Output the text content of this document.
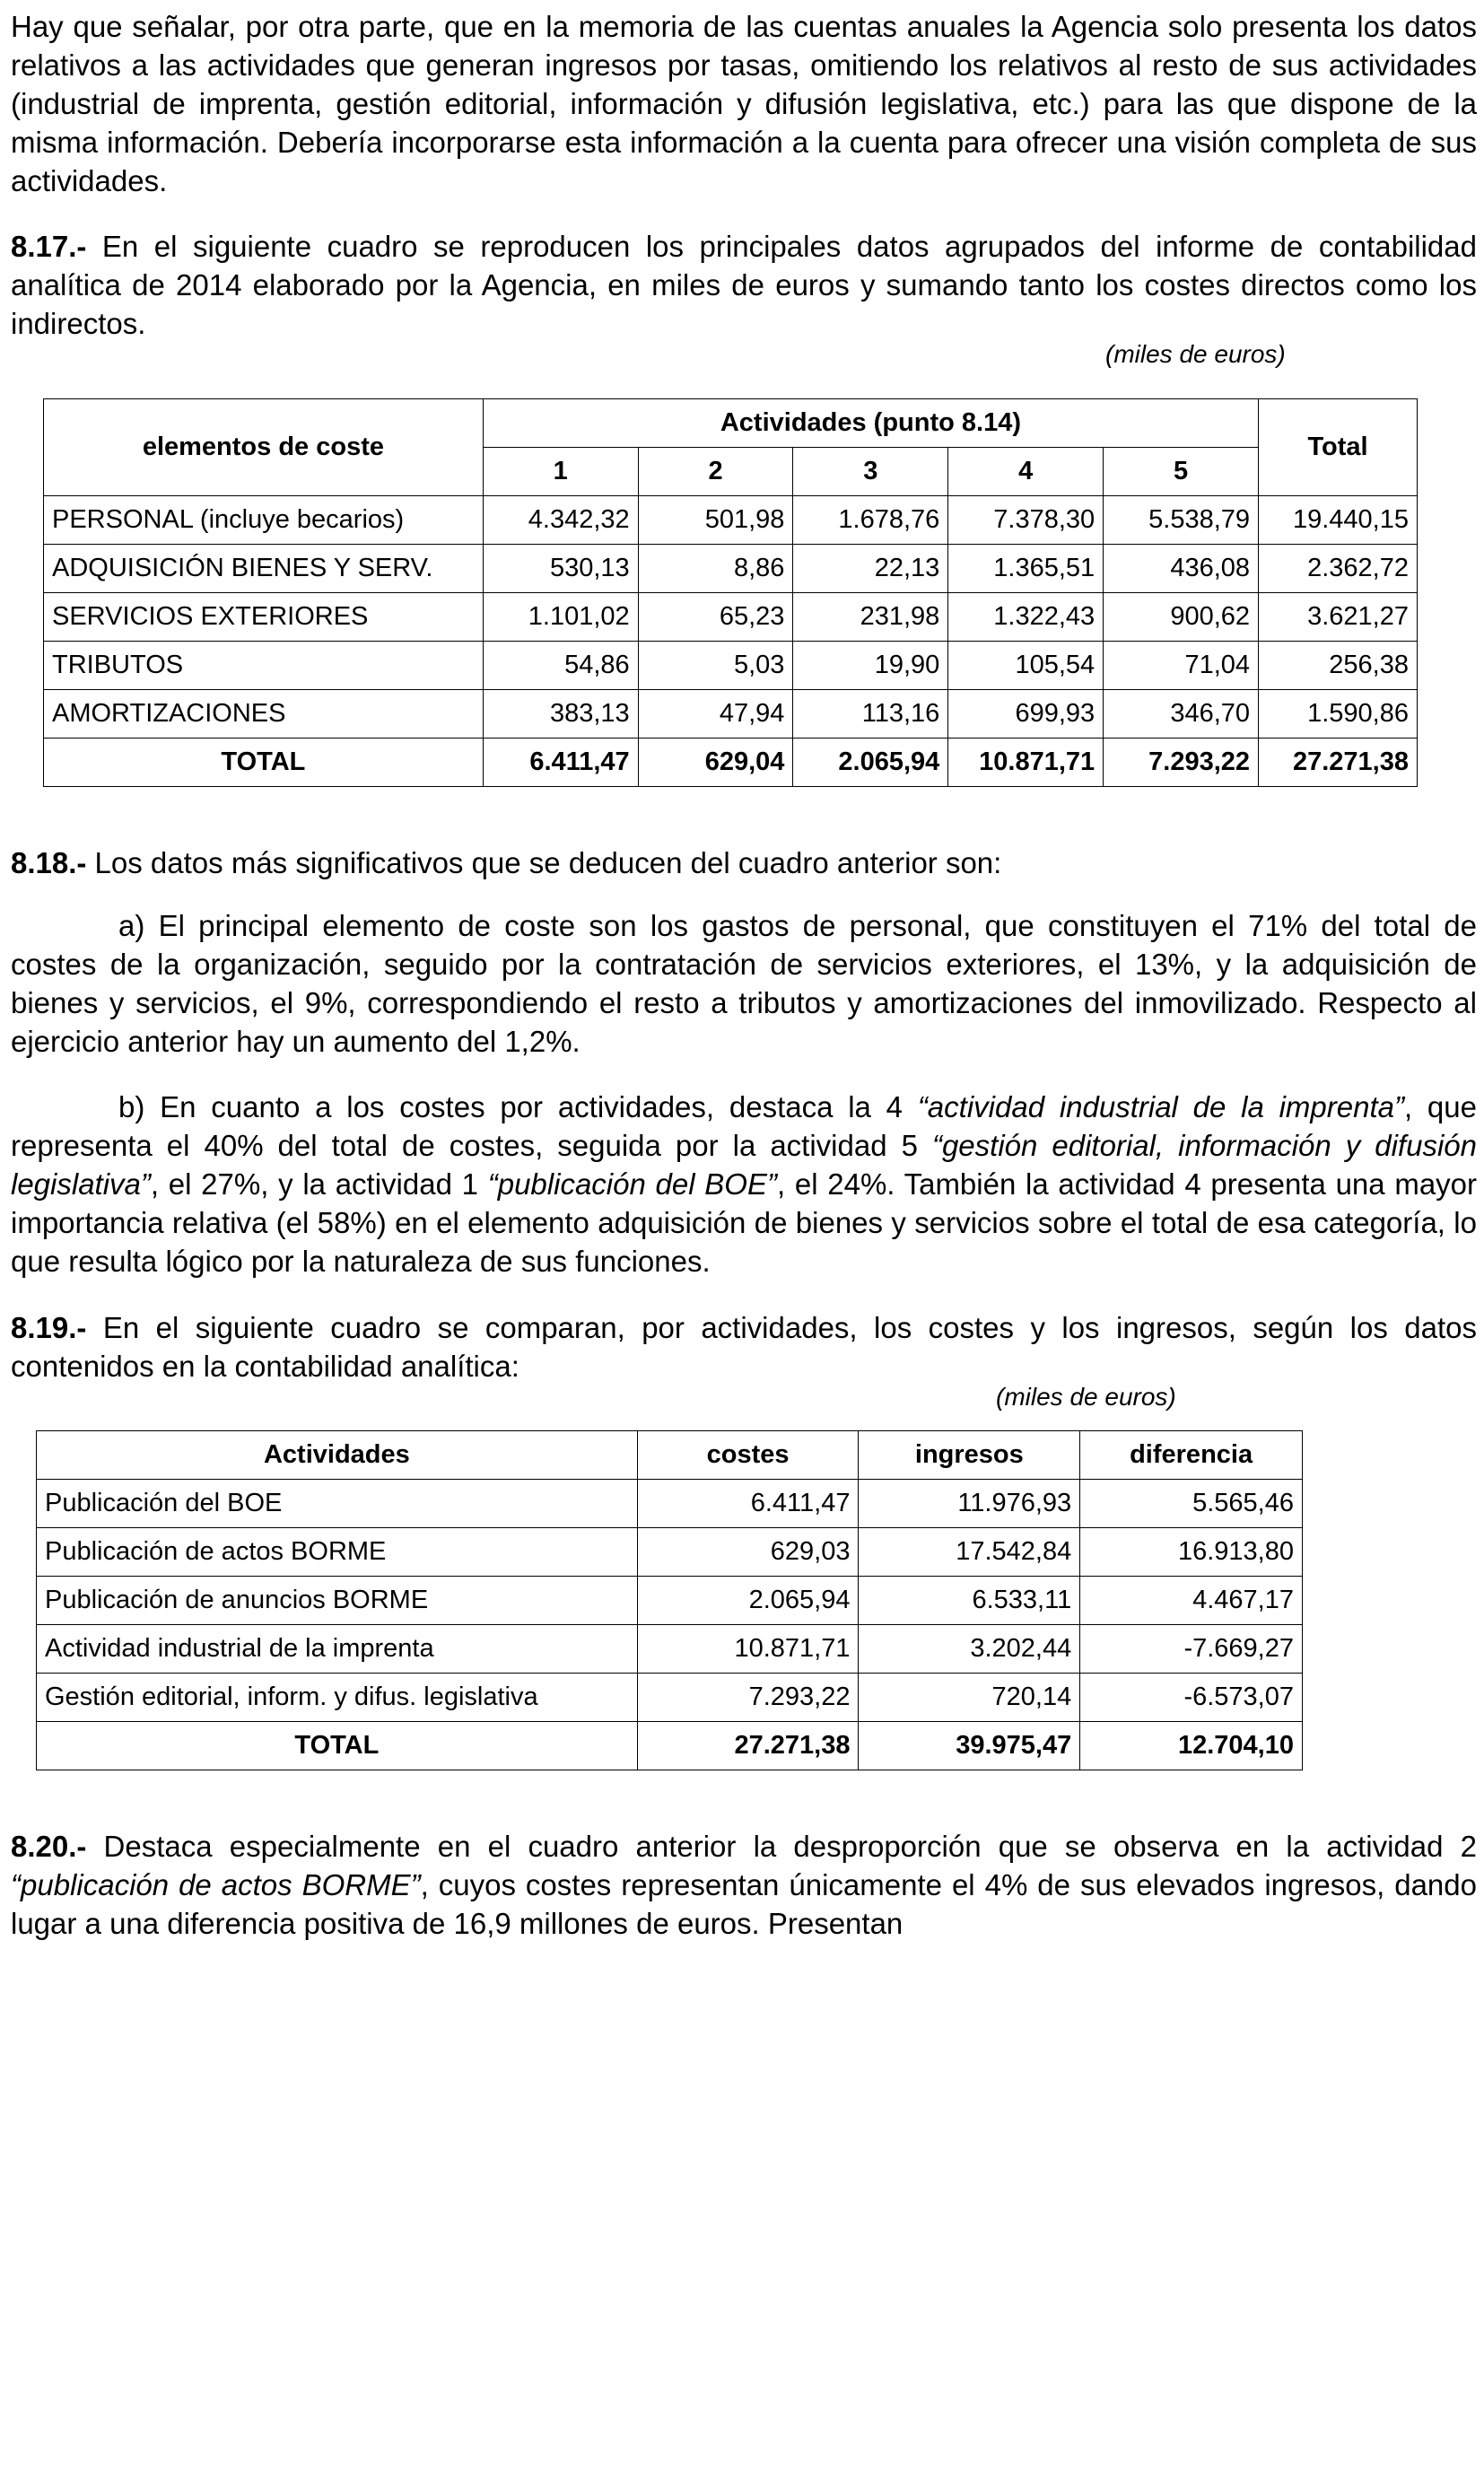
Hay que señalar, por otra parte, que en la memoria de las cuentas anuales la Agencia solo presenta los datos relativos a las actividades que generan ingresos por tasas, omitiendo los relativos al resto de sus actividades (industrial de imprenta, gestión editorial, información y difusión legislativa, etc.) para las que dispone de la misma información. Debería incorporarse esta información a la cuenta para ofrecer una visión completa de sus actividades.

8.17.- En el siguiente cuadro se reproducen los principales datos agrupados del informe de contabilidad analítica de 2014 elaborado por la Agencia, en miles de euros y sumando tanto los costes directos como los indirectos.

(miles de euros)
elementos de coste	Actividades (punto 8.14)					Total
	1	2	3	4	5	
PERSONAL (incluye becarios)	4.342,32	501,98	1.678,76	7.378,30	5.538,79	19.440,15
ADQUISICIÓN BIENES Y SERV.	530,13	8,86	22,13	1.365,51	436,08	2.362,72
SERVICIOS EXTERIORES	1.101,02	65,23	231,98	1.322,43	900,62	3.621,27
TRIBUTOS	54,86	5,03	19,90	105,54	71,04	256,38
AMORTIZACIONES	383,13	47,94	113,16	699,93	346,70	1.590,86
TOTAL	6.411,47	629,04	2.065,94	10.871,71	7.293,22	27.271,38

8.18.- Los datos más significativos que se deducen del cuadro anterior son:

a) El principal elemento de coste son los gastos de personal, que constituyen el 71% del total de costes de la organización, seguido por la contratación de servicios exteriores, el 13%, y la adquisición de bienes y servicios, el 9%, correspondiendo el resto a tributos y amortizaciones del inmovilizado. Respecto al ejercicio anterior hay un aumento del 1,2%.

b) En cuanto a los costes por actividades, destaca la 4 “actividad industrial de la imprenta”, que representa el 40% del total de costes, seguida por la actividad 5 “gestión editorial, información y difusión legislativa”, el 27%, y la actividad 1 “publicación del BOE”, el 24%. También la actividad 4 presenta una mayor importancia relativa (el 58%) en el elemento adquisición de bienes y servicios sobre el total de esa categoría, lo que resulta lógico por la naturaleza de sus funciones.

8.19.- En el siguiente cuadro se comparan, por actividades, los costes y los ingresos, según los datos contenidos en la contabilidad analítica:

(miles de euros)
Actividades	costes	ingresos	diferencia
Publicación del BOE	6.411,47	11.976,93	5.565,46
Publicación de actos BORME	629,03	17.542,84	16.913,80
Publicación de anuncios BORME	2.065,94	6.533,11	4.467,17
Actividad industrial de la imprenta	10.871,71	3.202,44	-7.669,27
Gestión editorial, inform. y difus. legislativa	7.293,22	720,14	-6.573,07
TOTAL	27.271,38	39.975,47	12.704,10

8.20.- Destaca especialmente en el cuadro anterior la desproporción que se observa en la actividad 2 “publicación de actos BORME”, cuyos costes representan únicamente el 4% de sus elevados ingresos, dando lugar a una diferencia positiva de 16,9 millones de euros. Presentan
